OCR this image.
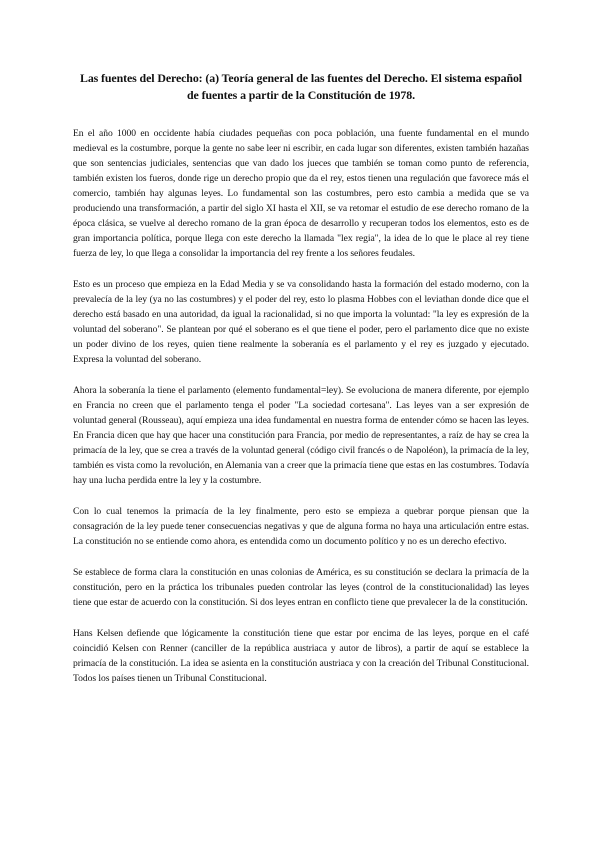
Las fuentes del Derecho: (a) Teoría general de las fuentes del Derecho. El sistema español de fuentes a partir de la Constitución de 1978.

En el año 1000 en occidente había ciudades pequeñas con poca población, una fuente fundamental en el mundo medieval es la costumbre, porque la gente no sabe leer ni escribir, en cada lugar son diferentes, existen también hazañas que son sentencias judiciales, sentencias que van dado los jueces que también se toman como punto de referencia, también existen los fueros, donde rige un derecho propio que da el rey, estos tienen una regulación que favorece más el comercio, también hay algunas leyes. Lo fundamental son las costumbres, pero esto cambia a medida que se va produciendo una transformación, a partir del siglo XI hasta el XII, se va retomar el estudio de ese derecho romano de la época clásica, se vuelve al derecho romano de la gran época de desarrollo y recuperan todos los elementos, esto es de gran importancia política, porque llega con este derecho la llamada "lex regia", la idea de lo que le place al rey tiene fuerza de ley, lo que llega a consolidar la importancia del rey frente a los señores feudales.

Esto es un proceso que empieza en la Edad Media y se va consolidando hasta la formación del estado moderno, con la prevalecía de la ley (ya no las costumbres) y el poder del rey, esto lo plasma Hobbes con el leviathan donde dice que el derecho está basado en una autoridad, da igual la racionalidad, si no que importa la voluntad: "la ley es expresión de la voluntad del soberano". Se plantean por qué el soberano es el que tiene el poder, pero el parlamento dice que no existe un poder divino de los reyes, quien tiene realmente la soberanía es el parlamento y el rey es juzgado y ejecutado. Expresa la voluntad del soberano.

Ahora la soberanía la tiene el parlamento (elemento fundamental=ley). Se evoluciona de manera diferente, por ejemplo en Francia no creen que el parlamento tenga el poder "La sociedad cortesana". Las leyes van a ser expresión de voluntad general (Rousseau), aquí empieza una idea fundamental en nuestra forma de entender cómo se hacen las leyes. En Francia dicen que hay que hacer una constitución para Francia, por medio de representantes, a raíz de hay se crea la primacía de la ley, que se crea a través de la voluntad general (código civil francés o de Napoléon), la primacía de la ley, también es vista como la revolución, en Alemania van a creer que la primacía tiene que estas en las costumbres. Todavía hay una lucha perdida entre la ley y la costumbre.

Con lo cual tenemos la primacía de la ley finalmente, pero esto se empieza a quebrar porque piensan que la consagración de la ley puede tener consecuencias negativas y que de alguna forma no haya una articulación entre estas. La constitución no se entiende como ahora, es entendida como un documento político y no es un derecho efectivo.

Se establece de forma clara la constitución en unas colonias de América, es su constitución se declara la primacía de la constitución, pero en la práctica los tribunales pueden controlar las leyes (control de la constitucionalidad) las leyes tiene que estar de acuerdo con la constitución. Si dos leyes entran en conflicto tiene que prevalecer la de la constitución.

Hans Kelsen defiende que lógicamente la constitución tiene que estar por encima de las leyes, porque en el café coincidió Kelsen con Renner (canciller de la república austriaca y autor de libros), a partir de aquí se establece la primacía de la constitución. La idea se asienta en la constitución austriaca y con la creación del Tribunal Constitucional. Todos los países tienen un Tribunal Constitucional.
